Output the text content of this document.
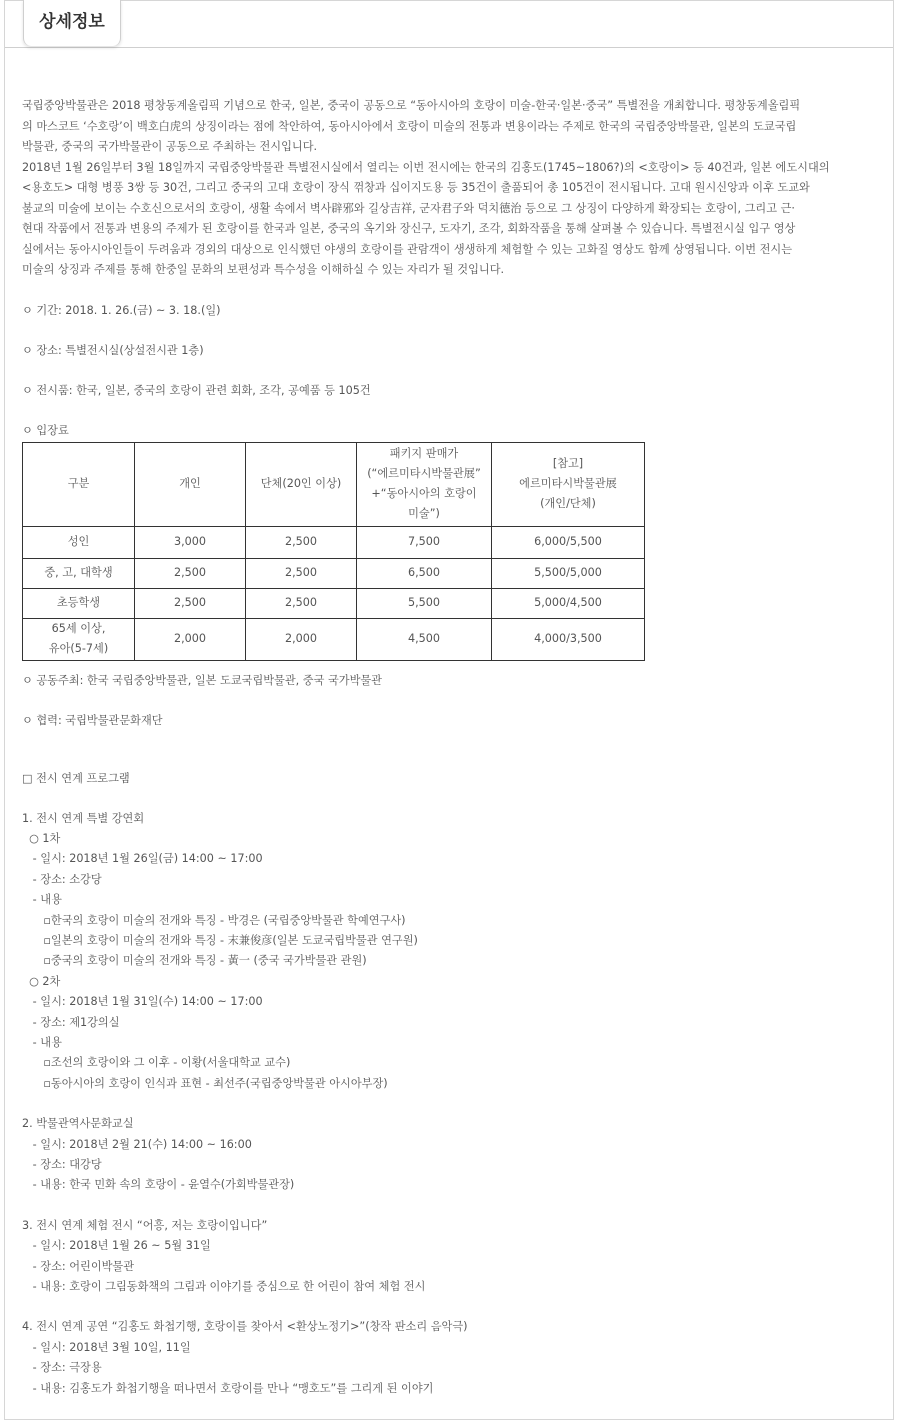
상세정보

국립중앙박물관은 2018 평창동계올림픽 기념으로 한국, 일본, 중국이 공동으로 “동아시아의 호랑이 미술-한국·일본·중국” 특별전을 개최합니다. 평창동계올림픽

의 마스코트 ‘수호랑’이 백호白虎의 상징이라는 점에 착안하여, 동아시아에서 호랑이 미술의 전통과 변용이라는 주제로 한국의 국립중앙박물관, 일본의 도쿄국립

박물관, 중국의 국가박물관이 공동으로 주최하는 전시입니다.

2018년 1월 26일부터 3월 18일까지 국립중앙박물관 특별전시실에서 열리는 이번 전시에는 한국의 김홍도(1745~1806?)의 <호랑이> 등 40건과, 일본 에도시대의

<용호도> 대형 병풍 3쌍 등 30건, 그리고 중국의 고대 호랑이 장식 꺾창과 십이지도용 등 35건이 출품되어 총 105건이 전시됩니다. 고대 원시신앙과 이후 도교와

불교의 미술에 보이는 수호신으로서의 호랑이, 생활 속에서 벽사辟邪와 길상吉祥, 군자君子와 덕치德治 등으로 그 상징이 다양하게 확장되는 호랑이, 그리고 근·

현대 작품에서 전통과 변용의 주제가 된 호랑이를 한국과 일본, 중국의 옥기와 장신구, 도자기, 조각, 회화작품을 통해 살펴볼 수 있습니다. 특별전시실 입구 영상

실에서는 동아시아인들이 두려움과 경외의 대상으로 인식했던 야생의 호랑이를 관람객이 생생하게 체험할 수 있는 고화질 영상도 함께 상영됩니다. 이번 전시는

미술의 상징과 주제를 통해 한중일 문화의 보편성과 특수성을 이해하실 수 있는 자리가 될 것입니다.

ㅇ 기간: 2018. 1. 26.(금) ~ 3. 18.(일)

ㅇ 장소: 특별전시실(상설전시관 1층)

ㅇ 전시품: 한국, 일본, 중국의 호랑이 관련 회화, 조각, 공예품 등 105건

ㅇ 입장료

구분	개인	단체(20인 이상)	패키지 판매가
(“에르미타시박물관展”
+“동아시아의 호랑이
미술”)	[참고]
에르미타시박물관展
(개인/단체)
성인	3,000	2,500	7,500	6,000/5,500
중, 고, 대학생	2,500	2,500	6,500	5,500/5,000
초등학생	2,500	2,500	5,500	5,000/4,500
65세 이상,
유아(5-7세)	2,000	2,000	4,500	4,000/3,500

ㅇ 공동주최: 한국 국립중앙박물관, 일본 도쿄국립박물관, 중국 국가박물관

ㅇ 협력: 국립박물관문화재단

□ 전시 연계 프로그램

1. 전시 연계 특별 강연회

○ 1차

- 일시: 2018년 1월 26일(금) 14:00 ~ 17:00

- 장소: 소강당

- 내용

▫한국의 호랑이 미술의 전개와 특징 - 박경은 (국립중앙박물관 학예연구사)

▫일본의 호랑이 미술의 전개와 특징 - 末兼俊彦(일본 도쿄국립박물관 연구원)

▫중국의 호랑이 미술의 전개와 특징 - 黃一 (중국 국가박물관 관원)

○ 2차

- 일시: 2018년 1월 31일(수) 14:00 ~ 17:00

- 장소: 제1강의실

- 내용

▫조선의 호랑이와 그 이후 - 이황(서울대학교 교수)

▫동아시아의 호랑이 인식과 표현 - 최선주(국립중앙박물관 아시아부장)

2. 박물관역사문화교실

- 일시: 2018년 2월 21(수) 14:00 ~ 16:00

- 장소: 대강당

- 내용: 한국 민화 속의 호랑이 - 윤열수(가회박물관장)

3. 전시 연계 체험 전시 “어흥, 저는 호랑이입니다”

- 일시: 2018년 1월 26 ~ 5월 31일

- 장소: 어린이박물관

- 내용: 호랑이 그림동화책의 그림과 이야기를 중심으로 한 어린이 참여 체험 전시

4. 전시 연계 공연 “김홍도 화첩기행, 호랑이를 찾아서 <환상노정기>”(창작 판소리 음악극)

- 일시: 2018년 3월 10일, 11일

- 장소: 극장용

- 내용: 김홍도가 화첩기행을 떠나면서 호랑이를 만나 “맹호도”를 그리게 된 이야기
